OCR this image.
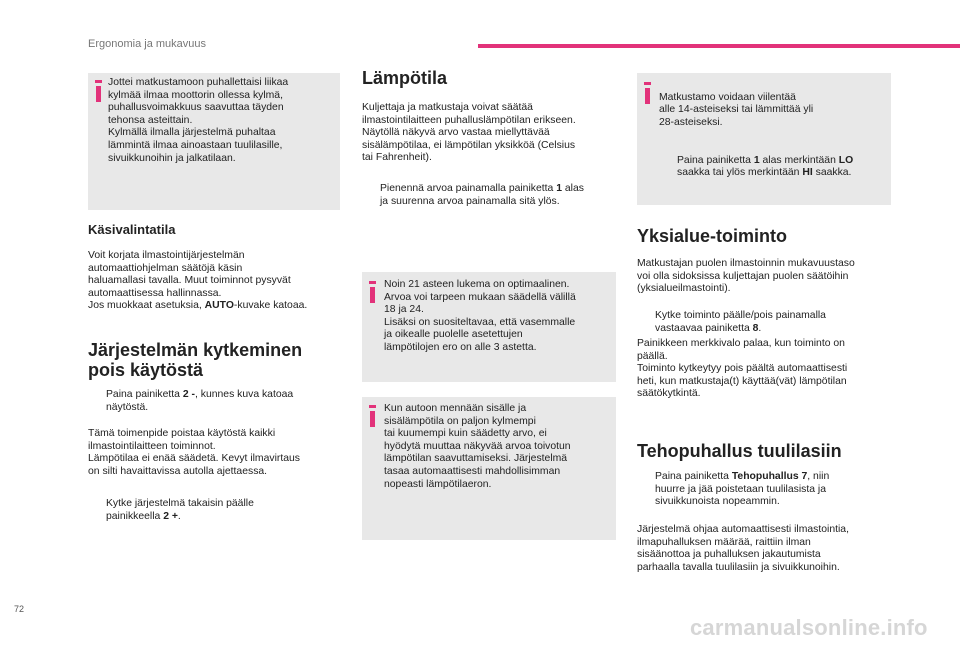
Ergonomia ja mukavuus
Jottei matkustamoon puhallettaisi liikaa
kylmää ilmaa moottorin ollessa kylmä,
puhallusvoimakkuus saavuttaa täyden
tehonsa asteittain.
Kylmällä ilmalla järjestelmä puhaltaa
lämmintä ilmaa ainoastaan tuulilasille,
sivuikkunoihin ja jalkatilaan.
Käsivalintatila
Voit korjata ilmastointijärjestelmän
automaattiohjelman säätöjä käsin
haluamallasi tavalla. Muut toiminnot pysyvät
automaattisessa hallinnassa.
Jos muokkaat asetuksia, AUTO-kuvake katoaa.
Järjestelmän kytkeminen
pois käytöstä
Paina painiketta 2 -, kunnes kuva katoaa
näytöstä.
Tämä toimenpide poistaa käytöstä kaikki
ilmastointilaitteen toiminnot.
Lämpötilaa ei enää säädetä. Kevyt ilmavirtaus
on silti havaittavissa autolla ajettaessa.
Kytke järjestelmä takaisin päälle
painikkeella 2 +.
Lämpötila
Kuljettaja ja matkustaja voivat säätää
ilmastointilaitteen puhalluslämpötilan erikseen.
Näytöllä näkyvä arvo vastaa miellyttävää
sisälämpötilaa, ei lämpötilan yksikköä (Celsius
tai Fahrenheit).
Pienennä arvoa painamalla painiketta 1 alas
ja suurenna arvoa painamalla sitä ylös.
Noin 21 asteen lukema on optimaalinen.
Arvoa voi tarpeen mukaan säädellä välillä
18 ja 24.
Lisäksi on suositeltavaa, että vasemmalle
ja oikealle puolelle asetettujen
lämpötilojen ero on alle 3 astetta.
Kun autoon mennään sisälle ja
sisälämpötila on paljon kylmempi
tai kuumempi kuin säädetty arvo, ei
hyödytä muuttaa näkyvää arvoa toivotun
lämpötilan saavuttamiseksi. Järjestelmä
tasaa automaattisesti mahdollisimman
nopeasti lämpötilaeron.

Matkustamo voidaan viilentää
alle 14-asteiseksi tai lämmittää yli
28-asteiseksi.

Paina painiketta 1 alas merkintään LO
saakka tai ylös merkintään HI saakka.

Yksialue-toiminto
Matkustajan puolen ilmastoinnin mukavuustaso
voi olla sidoksissa kuljettajan puolen säätöihin
(yksialueilmastointi).
Kytke toiminto päälle/pois painamalla
vastaavaa painiketta 8.
Painikkeen merkkivalo palaa, kun toiminto on
päällä.
Toiminto kytkeytyy pois päältä automaattisesti
heti, kun matkustaja(t) käyttää(vät) lämpötilan
säätökytkintä.
Tehopuhallus tuulilasiin
Paina painiketta Tehopuhallus 7, niin
huurre ja jää poistetaan tuulilasista ja
sivuikkunoista nopeammin.
Järjestelmä ohjaa automaattisesti ilmastointia,
ilmapuhalluksen määrää, raittiin ilman
sisäänottoa ja puhalluksen jakautumista
parhaalla tavalla tuulilasiin ja sivuikkunoihin.
72
carmanualsonline.info
